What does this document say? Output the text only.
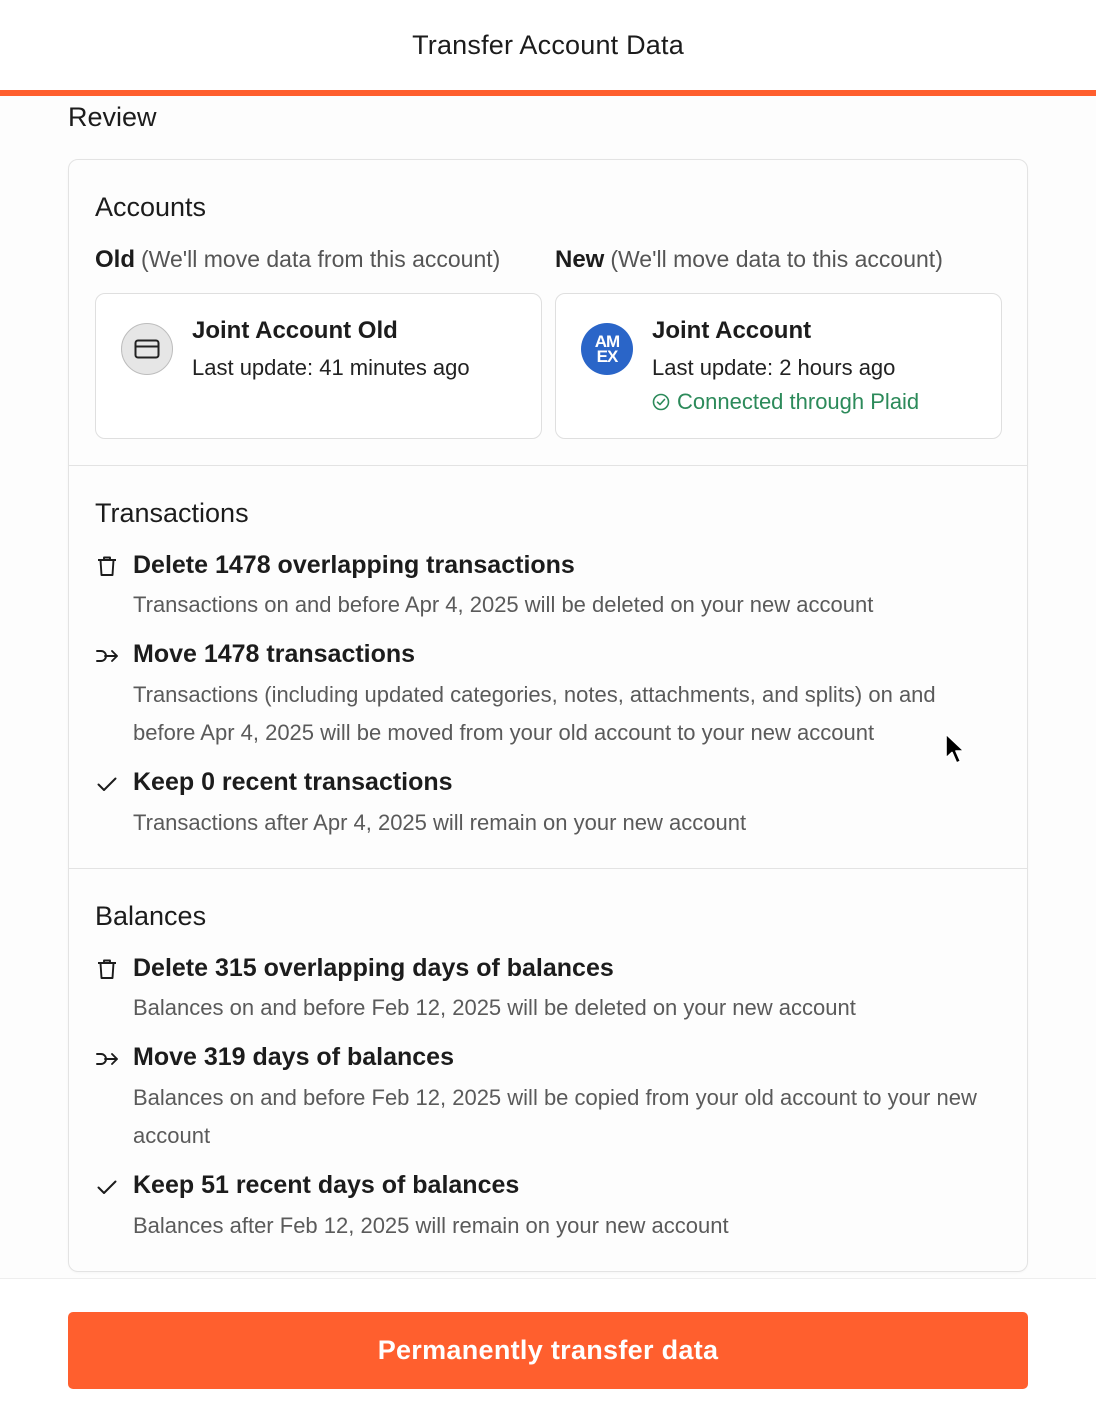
Transfer Account Data
Review
Accounts
Old (We'll move data from this account) New (We'll move data to this account)
Joint Account Old
Last update: 41 minutes ago
AM
EX
Joint Account
Last update: 2 hours ago
Connected through Plaid
Transactions
Delete 1478 overlapping transactions
Transactions on and before Apr 4, 2025 will be deleted on your new account
Move 1478 transactions
Transactions (including updated categories, notes, attachments, and splits) on and before Apr 4, 2025 will be moved from your old account to your new account
Keep 0 recent transactions
Transactions after Apr 4, 2025 will remain on your new account
Balances
Delete 315 overlapping days of balances
Balances on and before Feb 12, 2025 will be deleted on your new account
Move 319 days of balances
Balances on and before Feb 12, 2025 will be copied from your old account to your new account
Keep 51 recent days of balances
Balances after Feb 12, 2025 will remain on your new account
Permanently transfer data
